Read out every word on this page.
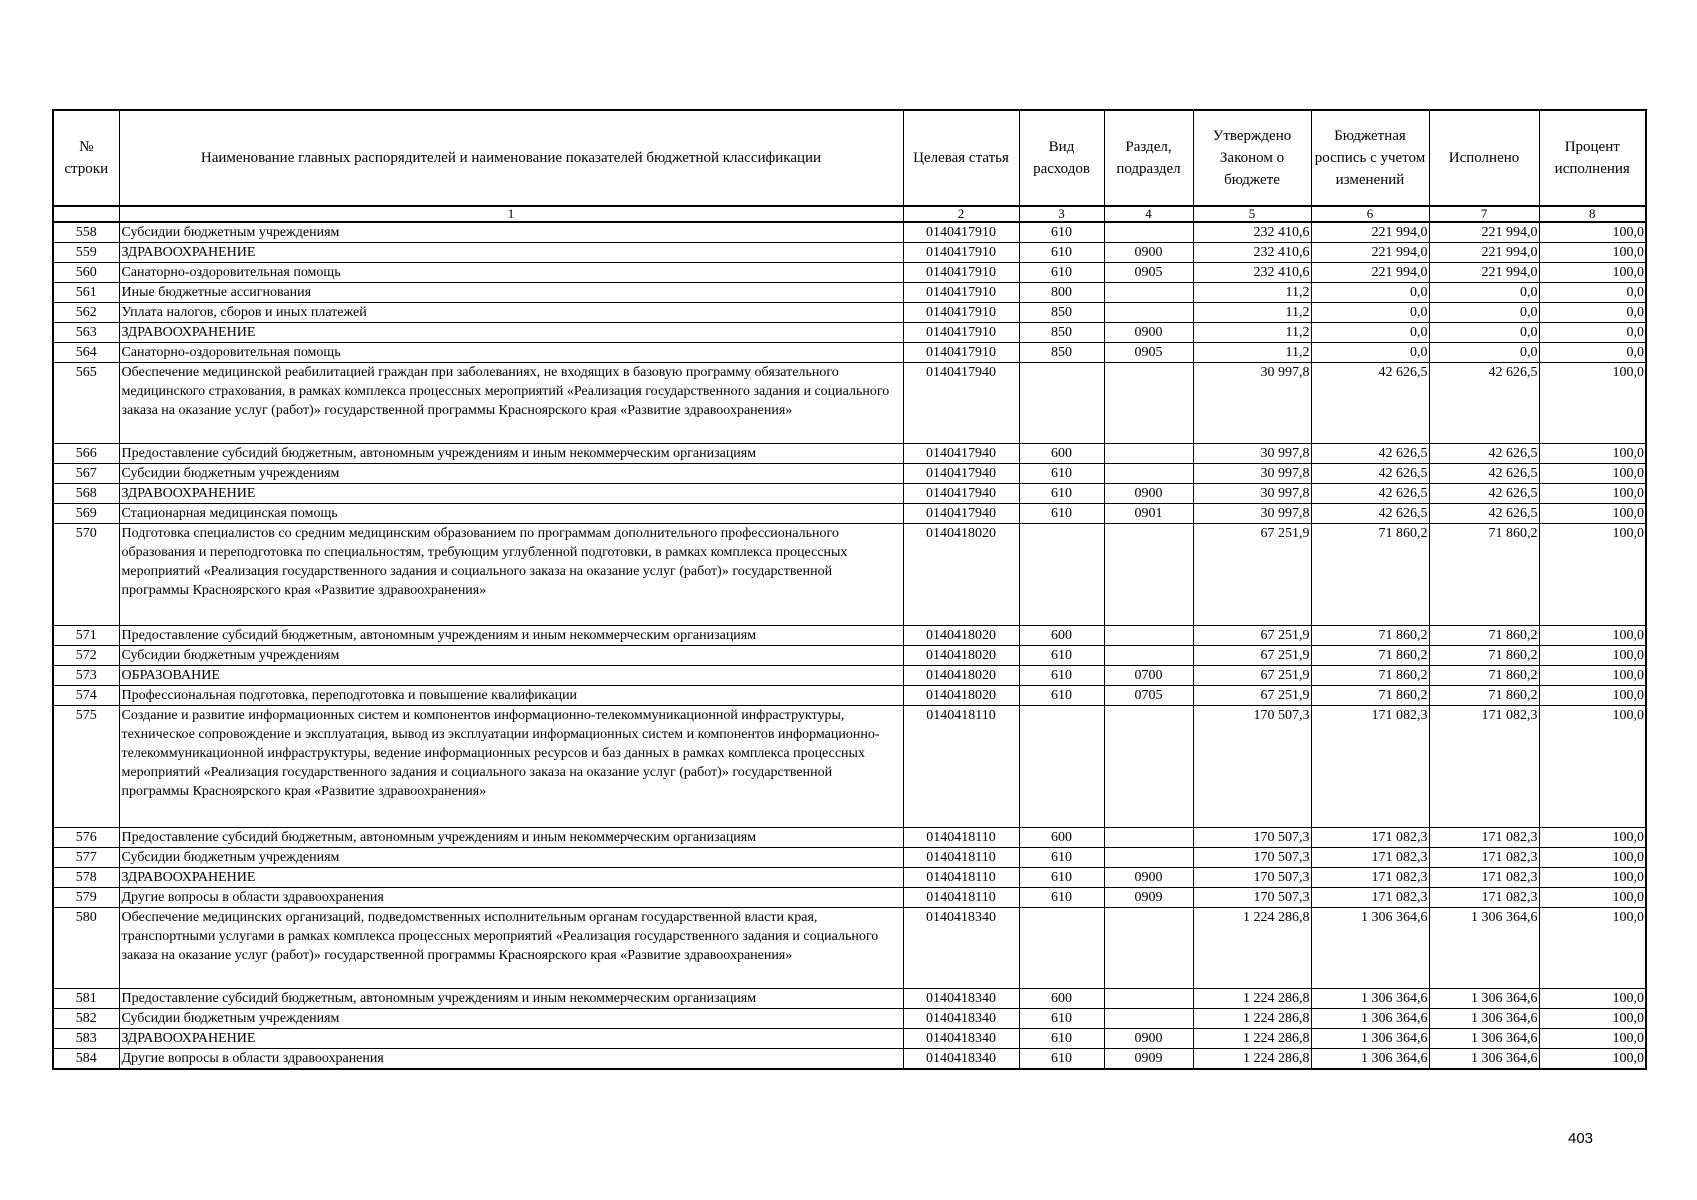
№ строки	Наименование главных распорядителей и наименование показателей бюджетной классификации	Целевая статья	Вид расходов	Раздел, подраздел	Утверждено Законом о бюджете	Бюджетная роспись с учетом изменений	Исполнено	Процент исполнения
	1	2	3	4	5	6	7	8
558	Субсидии бюджетным учреждениям	0140417910	610		232 410,6	221 994,0	221 994,0	100,0
559	ЗДРАВООХРАНЕНИЕ	0140417910	610	0900	232 410,6	221 994,0	221 994,0	100,0
560	Санаторно-оздоровительная помощь	0140417910	610	0905	232 410,6	221 994,0	221 994,0	100,0
561	Иные бюджетные ассигнования	0140417910	800		11,2	0,0	0,0	0,0
562	Уплата налогов, сборов и иных платежей	0140417910	850		11,2	0,0	0,0	0,0
563	ЗДРАВООХРАНЕНИЕ	0140417910	850	0900	11,2	0,0	0,0	0,0
564	Санаторно-оздоровительная помощь	0140417910	850	0905	11,2	0,0	0,0	0,0
565	Обеспечение медицинской реабилитацией граждан при заболеваниях, не входящих в базовую программу обязательного медицинского страхования, в рамках комплекса процессных мероприятий «Реализация государственного задания и социального заказа на оказание услуг (работ)» государственной программы Красноярского края «Развитие здравоохранения»	0140417940			30 997,8	42 626,5	42 626,5	100,0
566	Предоставление субсидий бюджетным, автономным учреждениям и иным некоммерческим организациям	0140417940	600		30 997,8	42 626,5	42 626,5	100,0
567	Субсидии бюджетным учреждениям	0140417940	610		30 997,8	42 626,5	42 626,5	100,0
568	ЗДРАВООХРАНЕНИЕ	0140417940	610	0900	30 997,8	42 626,5	42 626,5	100,0
569	Стационарная медицинская помощь	0140417940	610	0901	30 997,8	42 626,5	42 626,5	100,0
570	Подготовка специалистов со средним медицинским образованием по программам дополнительного профессионального образования и переподготовка по специальностям, требующим углубленной подготовки, в рамках комплекса процессных мероприятий «Реализация государственного задания и социального заказа на оказание услуг (работ)» государственной программы Красноярского края «Развитие здравоохранения»	0140418020			67 251,9	71 860,2	71 860,2	100,0
571	Предоставление субсидий бюджетным, автономным учреждениям и иным некоммерческим организациям	0140418020	600		67 251,9	71 860,2	71 860,2	100,0
572	Субсидии бюджетным учреждениям	0140418020	610		67 251,9	71 860,2	71 860,2	100,0
573	ОБРАЗОВАНИЕ	0140418020	610	0700	67 251,9	71 860,2	71 860,2	100,0
574	Профессиональная подготовка, переподготовка и повышение квалификации	0140418020	610	0705	67 251,9	71 860,2	71 860,2	100,0
575	Создание и развитие информационных систем и компонентов информационно-телекоммуникационной инфраструктуры, техническое сопровождение и эксплуатация, вывод из эксплуатации информационных систем и компонентов информационно-телекоммуникационной инфраструктуры, ведение информационных ресурсов и баз данных в рамках комплекса процессных мероприятий «Реализация государственного задания и социального заказа на оказание услуг (работ)» государственной программы Красноярского края «Развитие здравоохранения»	0140418110			170 507,3	171 082,3	171 082,3	100,0
576	Предоставление субсидий бюджетным, автономным учреждениям и иным некоммерческим организациям	0140418110	600		170 507,3	171 082,3	171 082,3	100,0
577	Субсидии бюджетным учреждениям	0140418110	610		170 507,3	171 082,3	171 082,3	100,0
578	ЗДРАВООХРАНЕНИЕ	0140418110	610	0900	170 507,3	171 082,3	171 082,3	100,0
579	Другие вопросы в области здравоохранения	0140418110	610	0909	170 507,3	171 082,3	171 082,3	100,0
580	Обеспечение медицинских организаций, подведомственных исполнительным органам государственной власти края, транспортными услугами в рамках комплекса процессных мероприятий «Реализация государственного задания и социального заказа на оказание услуг (работ)» государственной программы Красноярского края «Развитие здравоохранения»	0140418340			1 224 286,8	1 306 364,6	1 306 364,6	100,0
581	Предоставление субсидий бюджетным, автономным учреждениям и иным некоммерческим организациям	0140418340	600		1 224 286,8	1 306 364,6	1 306 364,6	100,0
582	Субсидии бюджетным учреждениям	0140418340	610		1 224 286,8	1 306 364,6	1 306 364,6	100,0
583	ЗДРАВООХРАНЕНИЕ	0140418340	610	0900	1 224 286,8	1 306 364,6	1 306 364,6	100,0
584	Другие вопросы в области здравоохранения	0140418340	610	0909	1 224 286,8	1 306 364,6	1 306 364,6	100,0
403
